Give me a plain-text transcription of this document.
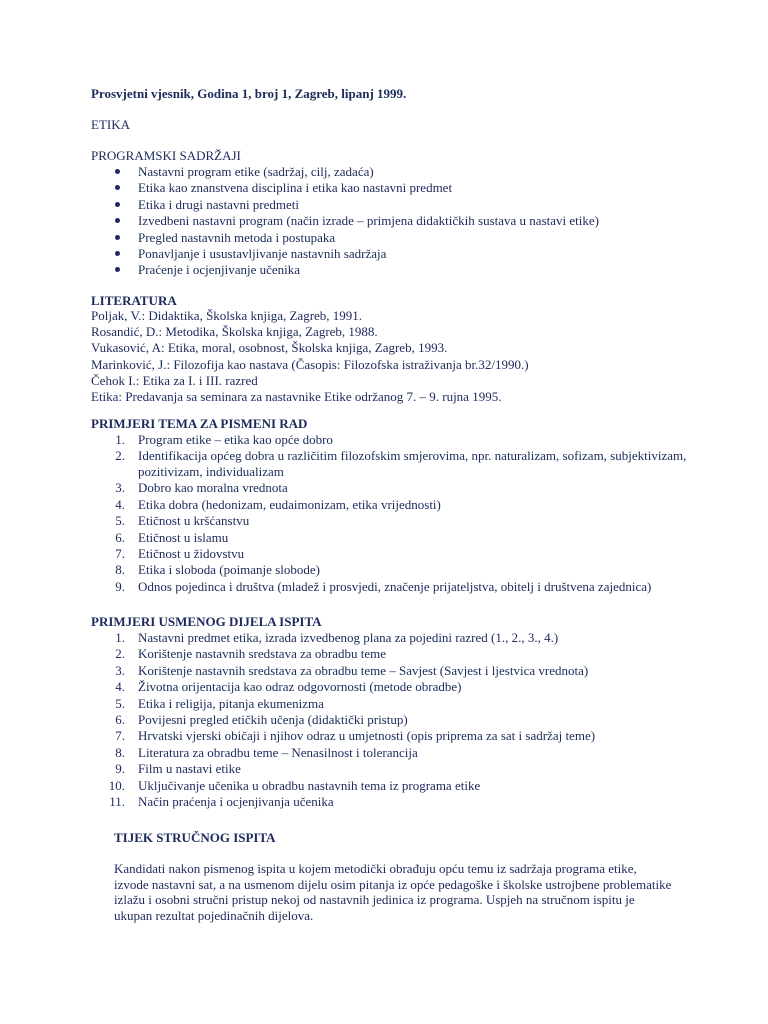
Prosvjetni vjesnik, Godina 1, broj 1, Zagreb, lipanj 1999.
ETIKA
PROGRAMSKI SADRŽAJI
Nastavni program etike (sadržaj, cilj, zadaća)
Etika kao znanstvena disciplina i etika kao nastavni predmet
Etika i drugi nastavni predmeti
Izvedbeni nastavni program (način izrade – primjena didaktičkih sustava u nastavi etike)
Pregled nastavnih metoda i postupaka
Ponavljanje i usustavljivanje nastavnih sadržaja
Praćenje i ocjenjivanje učenika
LITERATURA

Poljak, V.: Didaktika, Školska knjiga, Zagreb, 1991.

Rosandić, D.: Metodika, Školska knjiga, Zagreb, 1988.

Vukasović, A: Etika, moral, osobnost, Školska knjiga, Zagreb, 1993.

Marinković, J.: Filozofija kao nastava (Časopis: Filozofska istraživanja br.32/1990.)

Čehok I.: Etika za I. i III. razred

Etika: Predavanja sa seminara za nastavnike Etike održanog 7. – 9. rujna 1995.

PRIMJERI TEMA ZA PISMENI RAD
1. Program etike – etika kao opće dobro
2. Identifikacija općeg dobra u različitim filozofskim smjerovima, npr. naturalizam, sofizam, subjektivizam, pozitivizam, individualizam
3. Dobro kao moralna vrednota
4. Etika dobra (hedonizam, eudaimonizam, etika vrijednosti)
5. Etičnost u kršćanstvu
6. Etičnost u islamu
7. Etičnost u židovstvu
8. Etika i sloboda (poimanje slobode)
9. Odnos pojedinca i društva (mladež i prosvjedi, značenje prijateljstva, obitelj i društvena zajednica)
PRIMJERI USMENOG DIJELA ISPITA
1. Nastavni predmet etika, izrada izvedbenog plana za pojedini razred (1., 2., 3., 4.)
2. Korištenje nastavnih sredstava za obradbu teme
3. Korištenje nastavnih sredstava za obradbu teme – Savjest (Savjest i ljestvica vrednota)
4. Životna orijentacija kao odraz odgovornosti (metode obradbe)
5. Etika i religija, pitanja ekumenizma
6. Povijesni pregled etičkih učenja (didaktički pristup)
7. Hrvatski vjerski običaji i njihov odraz u umjetnosti (opis priprema za sat i sadržaj teme)
8. Literatura za obradbu teme – Nenasilnost i tolerancija
9. Film u nastavi etike
10. Uključivanje učenika u obradbu nastavnih tema iz programa etike
11. Način praćenja i ocjenjivanja učenika
TIJEK STRUČNOG ISPITA

Kandidati nakon pismenog ispita u kojem metodički obrađuju opću temu iz sadržaja programa etike, izvode nastavni sat, a na usmenom dijelu osim pitanja iz opće pedagoške i školske ustrojbene problematike izlažu i osobni stručni pristup nekoj od nastavnih jedinica iz programa. Uspjeh na stručnom ispitu je ukupan rezultat pojedinačnih dijelova.
